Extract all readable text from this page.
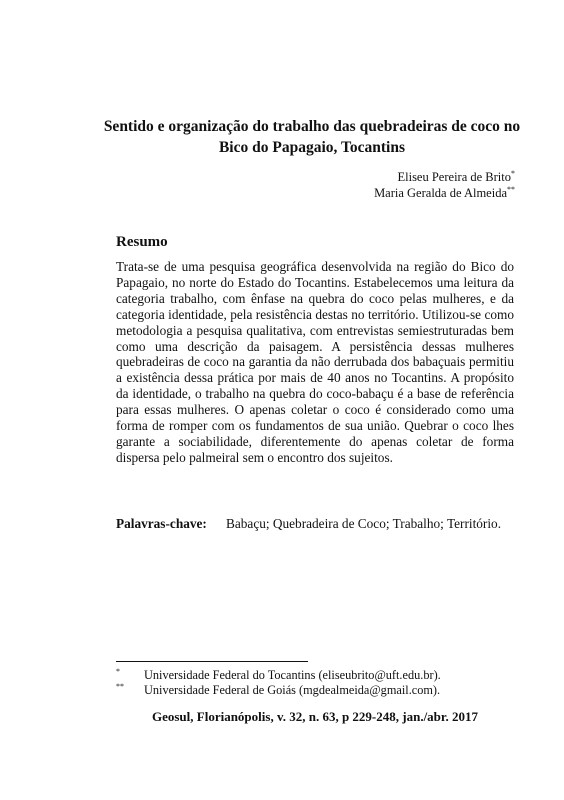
Sentido e organização do trabalho das quebradeiras de coco no Bico do Papagaio, Tocantins
Eliseu Pereira de Brito*
Maria Geralda de Almeida**
Resumo
Trata-se de uma pesquisa geográfica desenvolvida na região do Bico do Papagaio, no norte do Estado do Tocantins. Estabelecemos uma leitura da categoria trabalho, com ênfase na quebra do coco pelas mulheres, e da categoria identidade, pela resistência destas no território. Utilizou-se como metodologia a pesquisa qualitativa, com entrevistas semiestruturadas bem como uma descrição da paisagem. A persistência dessas mulheres quebradeiras de coco na garantia da não derrubada dos babaçuais permitiu a existência dessa prática por mais de 40 anos no Tocantins. A propósito da identidade, o trabalho na quebra do coco-babaçu é a base de referência para essas mulheres. O apenas coletar o coco é considerado como uma forma de romper com os fundamentos de sua união. Quebrar o coco lhes garante a sociabilidade, diferentemente do apenas coletar de forma dispersa pelo palmeiral sem o encontro dos sujeitos.
Palavras-chave:	Babaçu; Quebradeira de Coco; Trabalho; Território.
* Universidade Federal do Tocantins (eliseubrito@uft.edu.br).
** Universidade Federal de Goiás (mgdealmeida@gmail.com).
Geosul, Florianópolis, v. 32, n. 63, p 229-248, jan./abr. 2017
